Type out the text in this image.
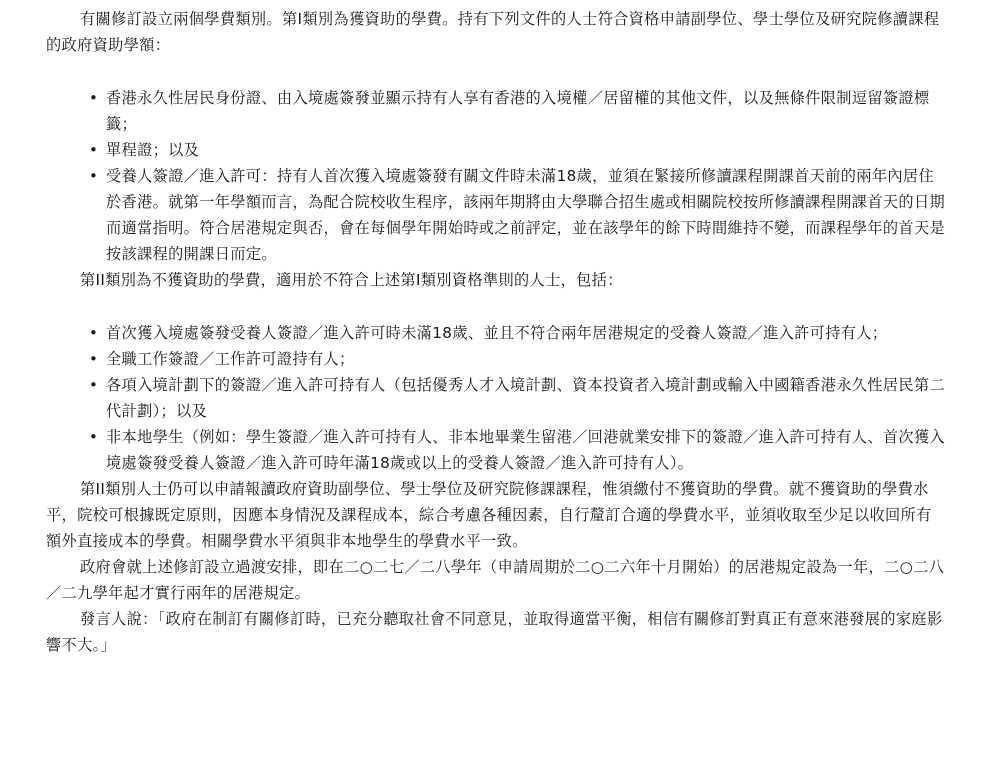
有關修訂設立兩個學費類別。第I類別為獲資助的學費。持有下列文件的人士符合資格申請副學位、學士學位及研究院修讀課程的政府資助學額：

• 香港永久性居民身份證、由入境處簽發並顯示持有人享有香港的入境權／居留權的其他文件，以及無條件限制逗留簽證標籤；
• 單程證；以及
• 受養人簽證／進入許可：持有人首次獲入境處簽發有關文件時未滿18歲，並須在緊接所修讀課程開課首天前的兩年內居住於香港。就第一年學額而言，為配合院校收生程序，該兩年期將由大學聯合招生處或相關院校按所修讀課程開課首天的日期而適當指明。符合居港規定與否，會在每個學年開始時或之前評定，並在該學年的餘下時間維持不變，而課程學年的首天是按該課程的開課日而定。

第II類別為不獲資助的學費，適用於不符合上述第I類別資格準則的人士，包括：

• 首次獲入境處簽發受養人簽證／進入許可時未滿18歲、並且不符合兩年居港規定的受養人簽證／進入許可持有人；
• 全職工作簽證／工作許可證持有人；
• 各項入境計劃下的簽證／進入許可持有人（包括優秀人才入境計劃、資本投資者入境計劃或輸入中國籍香港永久性居民第二代計劃）；以及
• 非本地學生（例如：學生簽證／進入許可持有人、非本地畢業生留港／回港就業安排下的簽證／進入許可持有人、首次獲入境處簽發受養人簽證／進入許可時年滿18歲或以上的受養人簽證／進入許可持有人）。

第II類別人士仍可以申請報讀政府資助副學位、學士學位及研究院修課課程，惟須繳付不獲資助的學費。就不獲資助的學費水平，院校可根據既定原則，因應本身情況及課程成本，綜合考慮各種因素，自行釐訂合適的學費水平，並須收取至少足以收回所有額外直接成本的學費。相關學費水平須與非本地學生的學費水平一致。

政府會就上述修訂設立過渡安排，即在二○二七／二八學年（申請周期於二○二六年十月開始）的居港規定設為一年，二○二八／二九學年起才實行兩年的居港規定。

發言人說：「政府在制訂有關修訂時，已充分聽取社會不同意見，並取得適當平衡，相信有關修訂對真正有意來港發展的家庭影響不大。」
